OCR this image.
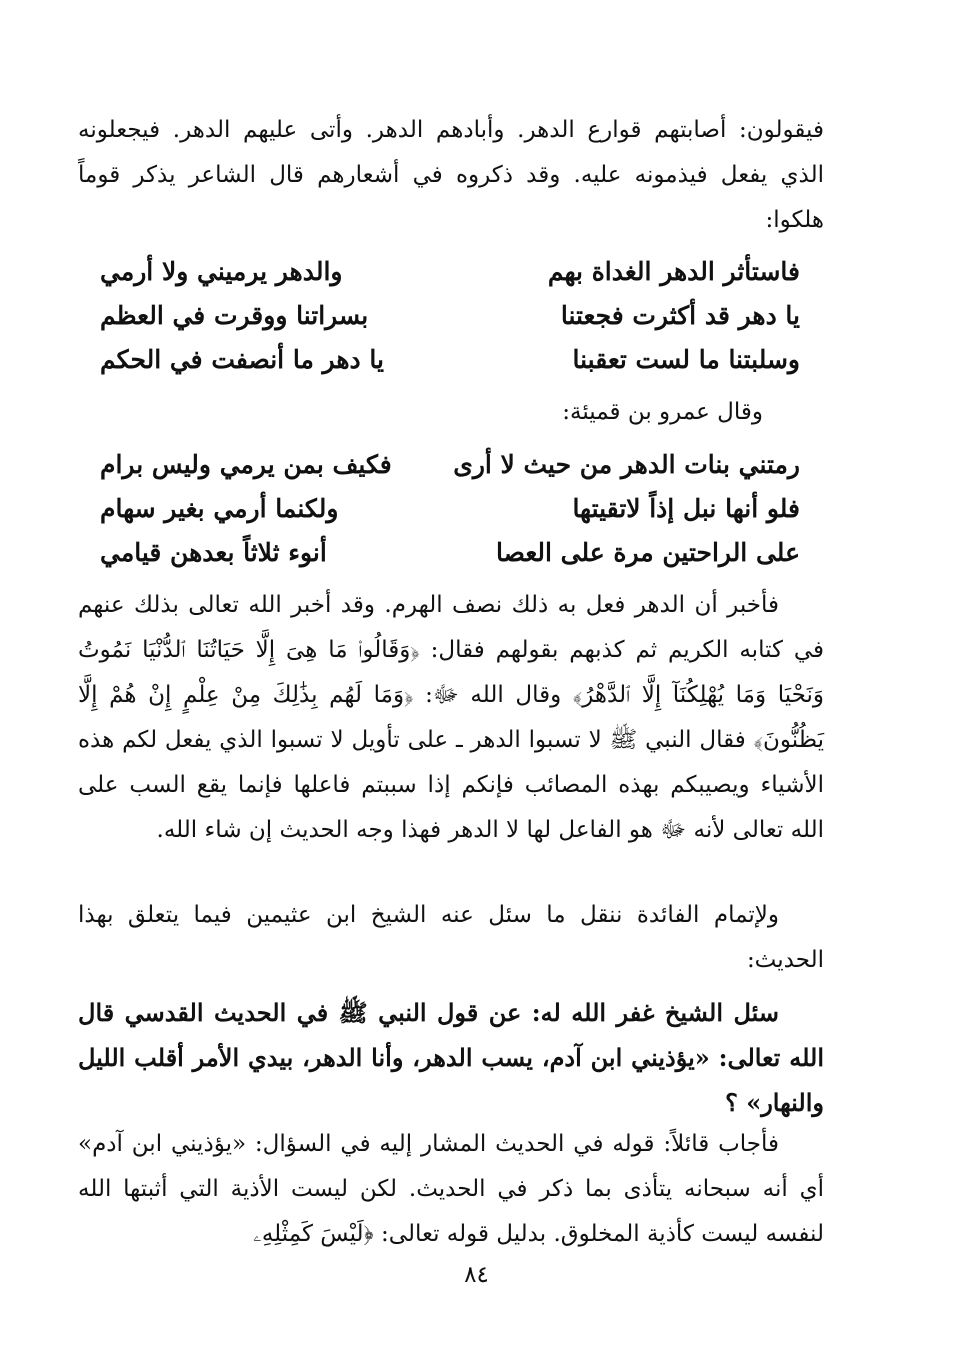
فيقولون: أصابتهم قوارع الدهر. وأبادهم الدهر. وأتى عليهم الدهر. فيجعلونه الذي يفعل فيذمونه عليه. وقد ذكروه في أشعارهم قال الشاعر يذكر قوماً هلكوا:
فاستأثر الدهر الغداة بهم
والدهر يرميني ولا أرمي
يا دهر قد أكثرت فجعتنا
بسراتنا ووقرت في العظم
وسلبتنا ما لست تعقبنا
يا دهر ما أنصفت في الحكم
وقال عمرو بن قميئة:
رمتني بنات الدهر من حيث لا أرى
فكيف بمن يرمي وليس برام
فلو أنها نبل إذاً لاتقيتها
ولكنما أرمي بغير سهام
على الراحتين مرة على العصا
أنوء ثلاثاً بعدهن قيامي
فأخبر أن الدهر فعل به ذلك نصف الهرم. وقد أخبر الله تعالى بذلك عنهم في كتابه الكريم ثم كذبهم بقولهم فقال: ﴿وَقَالُوا۟ مَا هِىَ إِلَّا حَيَاتُنَا ٱلدُّنْيَا نَمُوتُ وَنَحْيَا وَمَا يُهْلِكُنَآ إِلَّا ٱلدَّهْرُ﴾ وقال الله ﷻ: ﴿وَمَا لَهُم بِذَٰلِكَ مِنْ عِلْمٍ إِنْ هُمْ إِلَّا يَظُنُّونَ﴾ فقال النبي ﷺ لا تسبوا الدهر ـ على تأويل لا تسبوا الذي يفعل لكم هذه الأشياء ويصيبكم بهذه المصائب فإنكم إذا سببتم فاعلها فإنما يقع السب على الله تعالى لأنه ﷻ هو الفاعل لها لا الدهر فهذا وجه الحديث إن شاء الله.
ولإتمام الفائدة ننقل ما سئل عنه الشيخ ابن عثيمين فيما يتعلق بهذا الحديث:
سئل الشيخ غفر الله له: عن قول النبي ﷺ في الحديث القدسي قال الله تعالى: «يؤذيني ابن آدم، يسب الدهر، وأنا الدهر، بيدي الأمر أقلب الليل والنهار» ؟
فأجاب قائلاً: قوله في الحديث المشار إليه في السؤال: «يؤذيني ابن آدم» أي أنه سبحانه يتأذى بما ذكر في الحديث. لكن ليست الأذية التي أثبتها الله لنفسه ليست كأذية المخلوق. بدليل قوله تعالى: ﴿لَيْسَ كَمِثْلِهِۦ
٨٤
